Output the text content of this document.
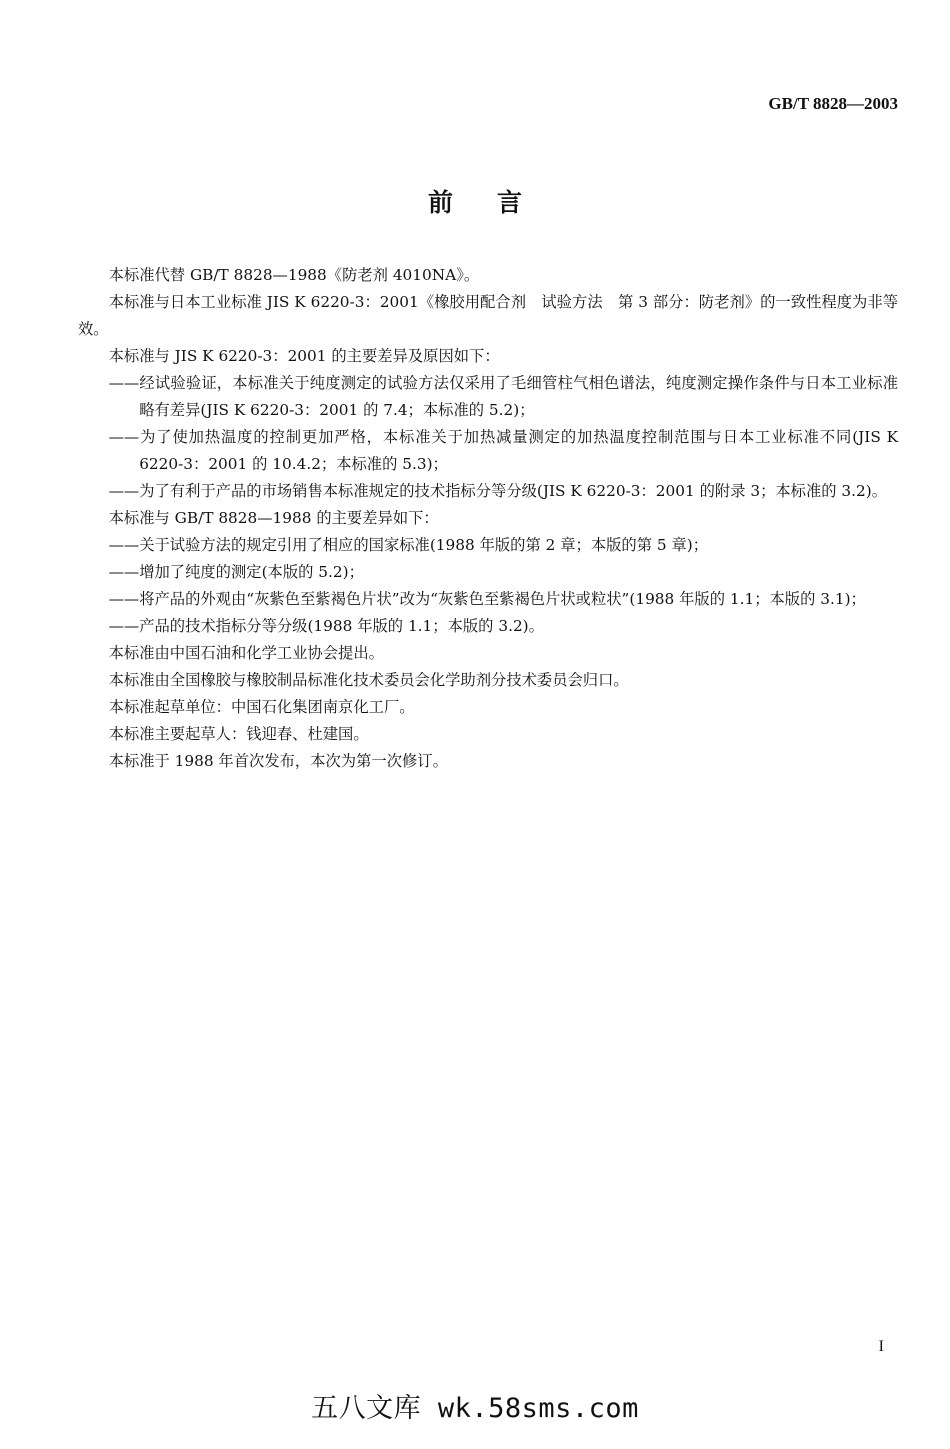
GB/T 8828—2003
前言

本标准代替 GB/T 8828—1988《防老剂 4010NA》。

本标准与日本工业标准 JIS K 6220-3：2001《橡胶用配合剂　试验方法　第 3 部分：防老剂》的一致性程度为非等效。

本标准与 JIS K 6220-3：2001 的主要差异及原因如下：

——经试验验证，本标准关于纯度测定的试验方法仅采用了毛细管柱气相色谱法，纯度测定操作条件与日本工业标准略有差异(JIS K 6220-3：2001 的 7.4；本标准的 5.2)；

——为了使加热温度的控制更加严格，本标准关于加热减量测定的加热温度控制范围与日本工业标准不同(JIS K 6220-3：2001 的 10.4.2；本标准的 5.3)；

——为了有利于产品的市场销售本标准规定的技术指标分等分级(JIS K 6220-3：2001 的附录 3；本标准的 3.2)。

本标准与 GB/T 8828—1988 的主要差异如下：

——关于试验方法的规定引用了相应的国家标准(1988 年版的第 2 章；本版的第 5 章)；

——增加了纯度的测定(本版的 5.2)；

——将产品的外观由“灰紫色至紫褐色片状”改为“灰紫色至紫褐色片状或粒状”(1988 年版的 1.1；本版的 3.1)；

——产品的技术指标分等分级(1988 年版的 1.1；本版的 3.2)。

本标准由中国石油和化学工业协会提出。

本标准由全国橡胶与橡胶制品标准化技术委员会化学助剂分技术委员会归口。

本标准起草单位：中国石化集团南京化工厂。

本标准主要起草人：钱迎春、杜建国。

本标准于 1988 年首次发布，本次为第一次修订。

I
五八文库 wk.58sms.com
